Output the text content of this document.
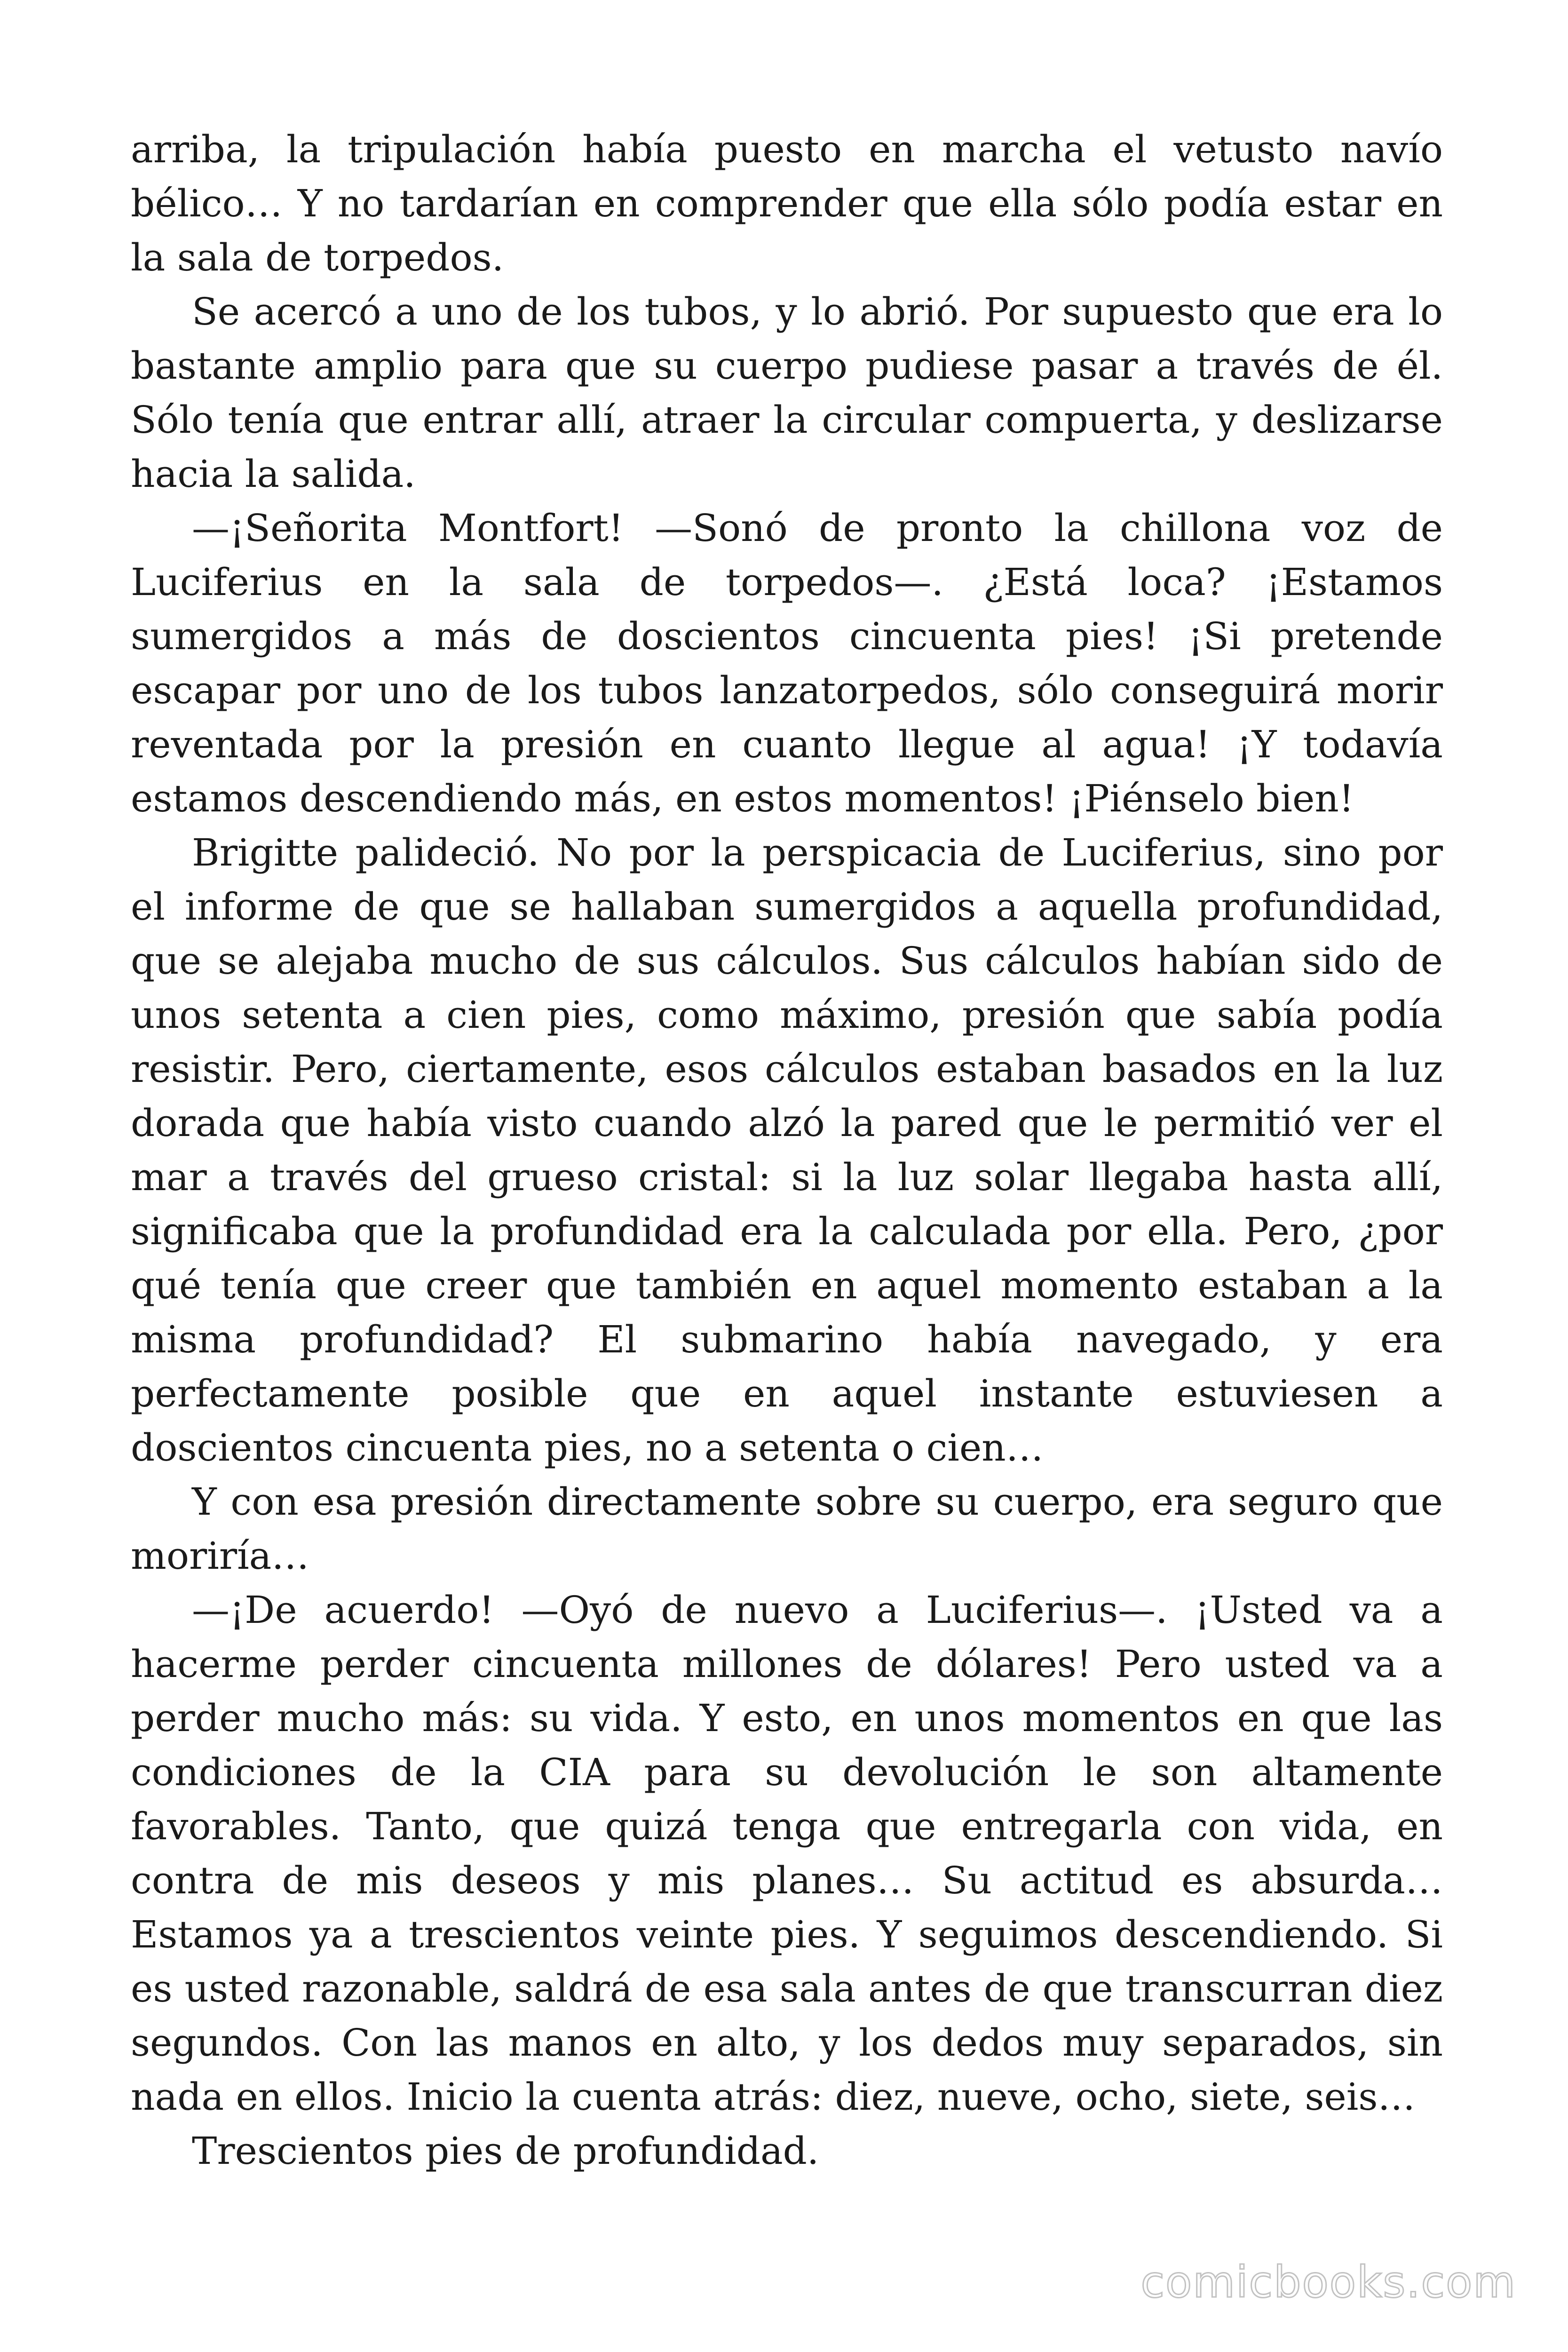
arriba, la tripulación había puesto en marcha el vetusto navío bélico… Y no tardarían en comprender que ella sólo podía estar en la sala de torpedos.

Se acercó a uno de los tubos, y lo abrió. Por supuesto que era lo bastante amplio para que su cuerpo pudiese pasar a través de él. Sólo tenía que entrar allí, atraer la circular compuerta, y deslizarse hacia la salida.

—¡Señorita Montfort! —Sonó de pronto la chillona voz de Luciferius en la sala de torpedos—. ¿Está loca? ¡Estamos sumergidos a más de doscientos cincuenta pies! ¡Si pretende escapar por uno de los tubos lanzatorpedos, sólo conseguirá morir reventada por la presión en cuanto llegue al agua! ¡Y todavía estamos descendiendo más, en estos momentos! ¡Piénselo bien!

Brigitte palideció. No por la perspicacia de Luciferius, sino por el informe de que se hallaban sumergidos a aquella profundidad, que se alejaba mucho de sus cálculos. Sus cálculos habían sido de unos setenta a cien pies, como máximo, presión que sabía podía resistir. Pero, ciertamente, esos cálculos estaban basados en la luz dorada que había visto cuando alzó la pared que le permitió ver el mar a través del grueso cristal: si la luz solar llegaba hasta allí, significaba que la profundidad era la calculada por ella. Pero, ¿por qué tenía que creer que también en aquel momento estaban a la misma profundidad? El submarino había navegado, y era perfectamente posible que en aquel instante estuviesen a doscientos cincuenta pies, no a setenta o cien…

Y con esa presión directamente sobre su cuerpo, era seguro que moriría…

—¡De acuerdo! —Oyó de nuevo a Luciferius—. ¡Usted va a hacerme perder cincuenta millones de dólares! Pero usted va a perder mucho más: su vida. Y esto, en unos momentos en que las condiciones de la CIA para su devolución le son altamente favorables. Tanto, que quizá tenga que entregarla con vida, en contra de mis deseos y mis planes… Su actitud es absurda… Estamos ya a trescientos veinte pies. Y seguimos descendiendo. Si es usted razonable, saldrá de esa sala antes de que transcurran diez segundos. Con las manos en alto, y los dedos muy separados, sin nada en ellos. Inicio la cuenta atrás: diez, nueve, ocho, siete, seis…

Trescientos pies de profundidad.

comicbooks.com
